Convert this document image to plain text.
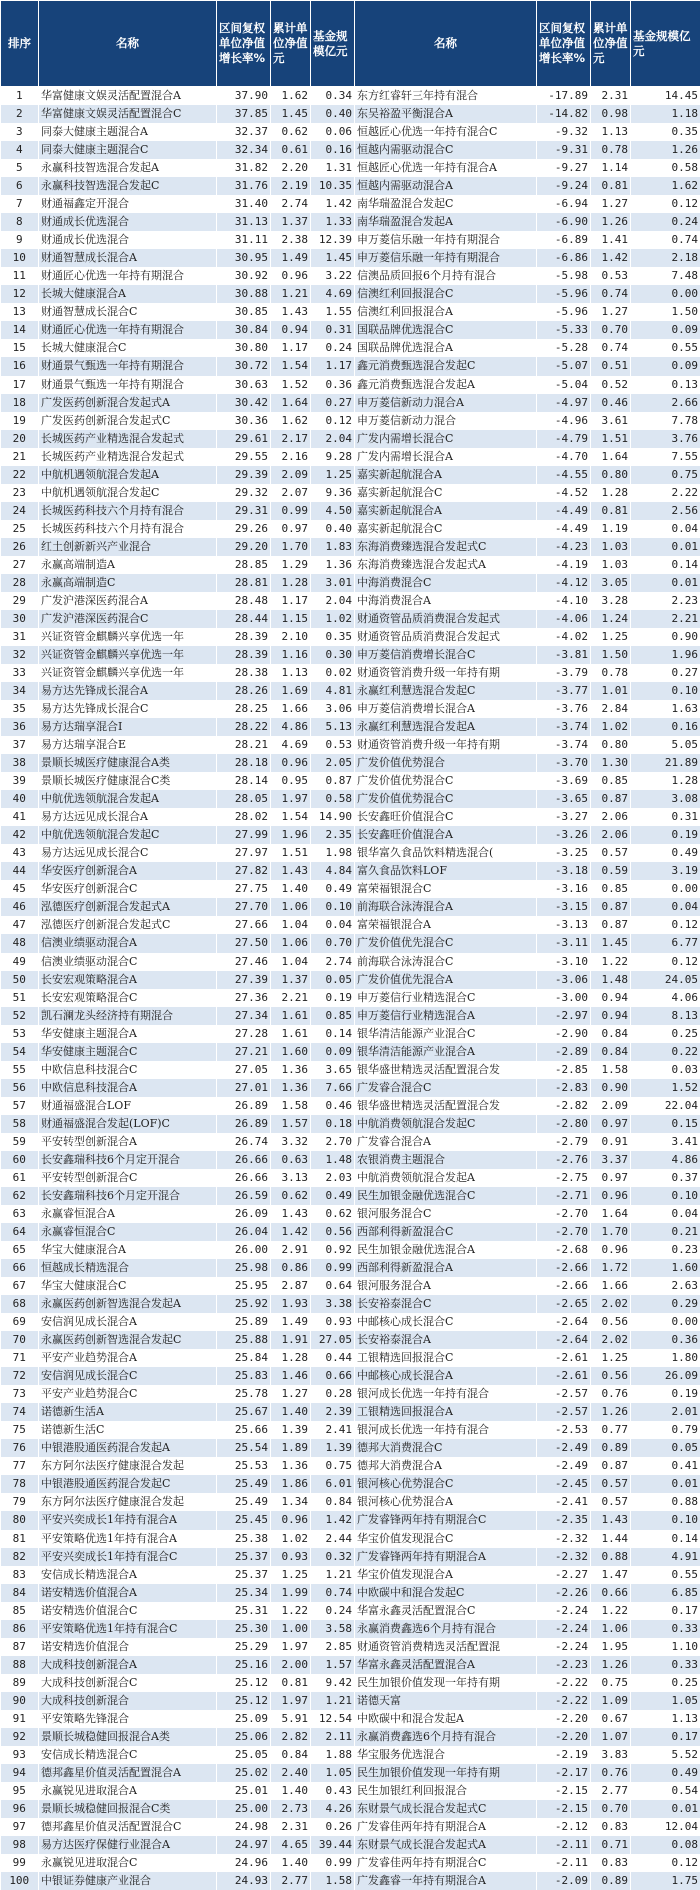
排序	名称	区间复权单位净值增长率%	累计单位净值元	基金规模亿元	名称	区间复权单位净值增长率%	累计单位净值元	基金规模亿元
1	华富健康文娱灵活配置混合A	37.90	1.62	0.34	东方红睿轩三年持有混合	-17.89	2.31	14.45
2	华富健康文娱灵活配置混合C	37.85	1.45	0.40	东吴裕盈平衡混合A	-14.82	0.98	1.18
3	同泰大健康主题混合A	32.37	0.62	0.06	恒越匠心优选一年持有混合C	-9.32	1.13	0.35
4	同泰大健康主题混合C	32.34	0.61	0.16	恒越内需驱动混合C	-9.31	0.78	1.26
5	永赢科技智选混合发起A	31.82	2.20	1.31	恒越匠心优选一年持有混合A	-9.27	1.14	0.58
6	永赢科技智选混合发起C	31.76	2.19	10.35	恒越内需驱动混合A	-9.24	0.81	1.62
7	财通福鑫定开混合	31.40	2.74	1.42	南华瑞盈混合发起C	-6.94	1.27	0.12
8	财通成长优选混合	31.13	1.37	1.33	南华瑞盈混合发起A	-6.90	1.26	0.24
9	财通成长优选混合	31.11	2.38	12.39	申万菱信乐融一年持有期混合	-6.89	1.41	0.74
10	财通智慧成长混合A	30.95	1.49	1.45	申万菱信乐融一年持有期混合	-6.86	1.42	2.18
11	财通匠心优选一年持有期混合	30.92	0.96	3.22	信澳品质回报6个月持有混合	-5.98	0.53	7.48
12	长城大健康混合A	30.88	1.21	4.69	信澳红利回报混合C	-5.96	0.74	0.00
13	财通智慧成长混合C	30.85	1.43	1.55	信澳红利回报混合A	-5.96	1.27	1.50
14	财通匠心优选一年持有期混合	30.84	0.94	0.31	国联品牌优选混合C	-5.33	0.70	0.09
15	长城大健康混合C	30.80	1.17	0.24	国联品牌优选混合A	-5.28	0.74	0.55
16	财通景气甄选一年持有期混合	30.72	1.54	1.17	鑫元消费甄选混合发起C	-5.07	0.51	0.09
17	财通景气甄选一年持有期混合	30.63	1.52	0.36	鑫元消费甄选混合发起A	-5.04	0.52	0.13
18	广发医药创新混合发起式A	30.42	1.64	0.27	申万菱信新动力混合A	-4.97	0.46	2.66
19	广发医药创新混合发起式C	30.36	1.62	0.12	申万菱信新动力混合	-4.96	3.61	7.78
20	长城医药产业精选混合发起式	29.61	2.17	2.04	广发内需增长混合C	-4.79	1.51	3.76
21	长城医药产业精选混合发起式	29.55	2.16	9.28	广发内需增长混合A	-4.70	1.64	7.55
22	中航机遇领航混合发起A	29.39	2.09	1.25	嘉实新起航混合A	-4.55	0.80	0.75
23	中航机遇领航混合发起C	29.32	2.07	9.36	嘉实新起航混合C	-4.52	1.28	2.22
24	长城医药科技六个月持有混合	29.31	0.99	4.50	嘉实新起航混合A	-4.49	0.81	2.56
25	长城医药科技六个月持有混合	29.26	0.97	0.40	嘉实新起航混合C	-4.49	1.19	0.04
26	红土创新新兴产业混合	29.20	1.70	1.83	东海消费臻选混合发起式C	-4.23	1.03	0.01
27	永赢高端制造A	28.85	1.29	1.36	东海消费臻选混合发起式A	-4.19	1.03	0.14
28	永赢高端制造C	28.81	1.28	3.01	中海消费混合C	-4.12	3.05	0.01
29	广发沪港深医药混合A	28.48	1.17	2.04	中海消费混合A	-4.10	3.28	2.23
30	广发沪港深医药混合C	28.44	1.15	1.02	财通资管品质消费混合发起式	-4.06	1.24	2.21
31	兴证资管金麒麟兴享优选一年	28.39	2.10	0.35	财通资管品质消费混合发起式	-4.02	1.25	0.90
32	兴证资管金麒麟兴享优选一年	28.39	1.16	0.30	申万菱信消费增长混合C	-3.81	1.50	1.96
33	兴证资管金麒麟兴享优选一年	28.38	1.13	0.02	财通资管消费升级一年持有期	-3.79	0.78	0.27
34	易方达先锋成长混合A	28.26	1.69	4.81	永赢红利慧选混合发起C	-3.77	1.01	0.10
35	易方达先锋成长混合C	28.25	1.66	3.06	申万菱信消费增长混合A	-3.76	2.84	1.63
36	易方达瑞享混合I	28.22	4.86	5.13	永赢红利慧选混合发起A	-3.74	1.02	0.16
37	易方达瑞享混合E	28.21	4.69	0.53	财通资管消费升级一年持有期	-3.74	0.80	5.05
38	景顺长城医疗健康混合A类	28.18	0.96	2.05	广发价值优势混合	-3.70	1.30	21.89
39	景顺长城医疗健康混合C类	28.14	0.95	0.87	广发价值优势混合C	-3.69	0.85	1.28
40	中航优选领航混合发起A	28.05	1.97	0.58	广发价值优势混合C	-3.65	0.87	3.08
41	易方达远见成长混合A	28.02	1.54	14.90	长安鑫旺价值混合C	-3.27	2.06	0.31
42	中航优选领航混合发起C	27.99	1.96	2.35	长安鑫旺价值混合A	-3.26	2.06	0.19
43	易方达远见成长混合C	27.97	1.51	1.98	银华富久食品饮料精选混合(	-3.25	0.57	0.49
44	华安医疗创新混合A	27.82	1.43	4.84	富久食品饮料LOF	-3.18	0.59	3.19
45	华安医疗创新混合C	27.75	1.40	0.49	富荣福银混合C	-3.16	0.85	0.00
46	泓德医疗创新混合发起式A	27.70	1.06	0.10	前海联合泳涛混合A	-3.15	0.87	0.04
47	泓德医疗创新混合发起式C	27.66	1.04	0.04	富荣福银混合A	-3.13	0.87	0.12
48	信澳业绩驱动混合A	27.50	1.06	0.70	广发价值优先混合C	-3.11	1.45	6.77
49	信澳业绩驱动混合C	27.46	1.04	2.74	前海联合泳涛混合C	-3.10	1.22	0.12
50	长安宏观策略混合A	27.39	1.37	0.05	广发价值优先混合A	-3.06	1.48	24.05
51	长安宏观策略混合C	27.36	2.21	0.19	申万菱信行业精选混合C	-3.00	0.94	4.06
52	凯石澜龙头经济持有期混合	27.34	1.61	0.85	申万菱信行业精选混合A	-2.97	0.94	8.13
53	华安健康主题混合A	27.28	1.61	0.14	银华清洁能源产业混合C	-2.90	0.84	0.25
54	华安健康主题混合C	27.21	1.60	0.09	银华清洁能源产业混合A	-2.89	0.84	0.22
55	中欧信息科技混合C	27.05	1.36	3.65	银华盛世精选灵活配置混合发	-2.85	1.58	0.03
56	中欧信息科技混合A	27.01	1.36	7.66	广发睿合混合C	-2.83	0.90	1.52
57	财通福盛混合LOF	26.89	1.58	0.46	银华盛世精选灵活配置混合发	-2.82	2.09	22.04
58	财通福盛混合发起(LOF)C	26.89	1.57	0.18	中航消费领航混合发起C	-2.80	0.97	0.15
59	平安转型创新混合A	26.74	3.32	2.70	广发睿合混合A	-2.79	0.91	3.41
60	长安鑫瑞科技6个月定开混合	26.66	0.63	1.48	农银消费主题混合	-2.76	3.37	4.86
61	平安转型创新混合C	26.66	3.13	2.03	中航消费领航混合发起A	-2.75	0.97	0.37
62	长安鑫瑞科技6个月定开混合	26.59	0.62	0.49	民生加银金融优选混合C	-2.71	0.96	0.10
63	永赢睿恒混合A	26.09	1.43	0.62	银河服务混合C	-2.70	1.64	0.04
64	永赢睿恒混合C	26.04	1.42	0.56	西部利得新盈混合C	-2.70	1.70	0.21
65	华宝大健康混合A	26.00	2.91	0.92	民生加银金融优选混合A	-2.68	0.96	0.23
66	恒越成长精选混合	25.98	0.86	0.99	西部利得新盈混合A	-2.66	1.72	1.60
67	华宝大健康混合C	25.95	2.87	0.64	银河服务混合A	-2.66	1.66	2.63
68	永赢医药创新智选混合发起A	25.92	1.93	3.38	长安裕泰混合C	-2.65	2.02	0.29
69	安信润见成长混合A	25.89	1.49	0.93	中邮核心成长混合C	-2.64	0.56	0.00
70	永赢医药创新智选混合发起C	25.88	1.91	27.05	长安裕泰混合A	-2.64	2.02	0.36
71	平安产业趋势混合A	25.84	1.28	0.44	工银精选回报混合C	-2.61	1.25	1.80
72	安信润见成长混合C	25.83	1.46	0.66	中邮核心成长混合A	-2.61	0.56	26.09
73	平安产业趋势混合C	25.78	1.27	0.28	银河成长优选一年持有混合	-2.57	0.76	0.19
74	诺德新生活A	25.67	1.40	2.39	工银精选回报混合A	-2.57	1.26	2.01
75	诺德新生活C	25.66	1.39	2.41	银河成长优选一年持有混合	-2.53	0.77	0.79
76	中银港股通医药混合发起A	25.54	1.89	1.39	德邦大消费混合C	-2.49	0.89	0.05
77	东方阿尔法医疗健康混合发起	25.53	1.36	0.75	德邦大消费混合A	-2.49	0.87	0.41
78	中银港股通医药混合发起C	25.49	1.86	6.01	银河核心优势混合C	-2.45	0.57	0.01
79	东方阿尔法医疗健康混合发起	25.49	1.34	0.84	银河核心优势混合A	-2.41	0.57	0.88
80	平安兴奕成长1年持有混合A	25.45	0.96	1.42	广发睿锋两年持有期混合C	-2.35	1.43	0.10
81	平安策略优选1年持有混合A	25.38	1.02	2.44	华宝价值发现混合C	-2.32	1.44	0.14
82	平安兴奕成长1年持有混合C	25.37	0.93	0.32	广发睿锋两年持有期混合A	-2.32	0.88	4.91
83	安信成长精选混合A	25.37	1.25	1.21	华宝价值发现混合A	-2.27	1.47	0.55
84	诺安精选价值混合A	25.34	1.99	0.74	中欧碳中和混合发起C	-2.26	0.66	6.85
85	诺安精选价值混合C	25.31	1.22	0.24	华富永鑫灵活配置混合C	-2.24	1.22	0.17
86	平安策略优选1年持有混合C	25.30	1.00	3.58	永赢消费鑫选6个月持有混合	-2.24	1.06	0.33
87	诺安精选价值混合	25.29	1.97	2.85	财通资管消费精选灵活配置混	-2.24	1.95	1.10
88	大成科技创新混合A	25.16	2.00	1.57	华富永鑫灵活配置混合A	-2.23	1.26	0.33
89	大成科技创新混合C	25.12	0.81	9.42	民生加银价值发现一年持有期	-2.22	0.75	0.25
90	大成科技创新混合	25.12	1.97	1.21	诺德天富	-2.22	1.09	1.05
91	平安策略先锋混合	25.09	5.91	12.54	中欧碳中和混合发起A	-2.20	0.67	1.13
92	景顺长城稳健回报混合A类	25.06	2.82	2.11	永赢消费鑫选6个月持有混合	-2.20	1.07	0.17
93	安信成长精选混合C	25.05	0.84	1.88	华宝服务优选混合	-2.19	3.83	5.52
94	德邦鑫星价值灵活配置混合A	25.02	2.40	1.05	民生加银价值发现一年持有期	-2.17	0.76	0.49
95	永赢锐见进取混合A	25.01	1.40	0.43	民生加银红利回报混合	-2.15	2.77	0.54
96	景顺长城稳健回报混合C类	25.00	2.73	4.26	东财景气成长混合发起式C	-2.15	0.70	0.01
97	德邦鑫星价值灵活配置混合C	24.98	2.31	0.26	广发睿佳两年持有期混合A	-2.12	0.83	12.04
98	易方达医疗保健行业混合A	24.97	4.65	39.44	东财景气成长混合发起式A	-2.11	0.71	0.08
99	永赢锐见进取混合C	24.96	1.40	0.99	广发睿佳两年持有期混合C	-2.11	0.83	0.12
100	中银证券健康产业混合	24.93	2.77	1.58	广发鑫睿一年持有期混合A	-2.09	0.89	1.75
